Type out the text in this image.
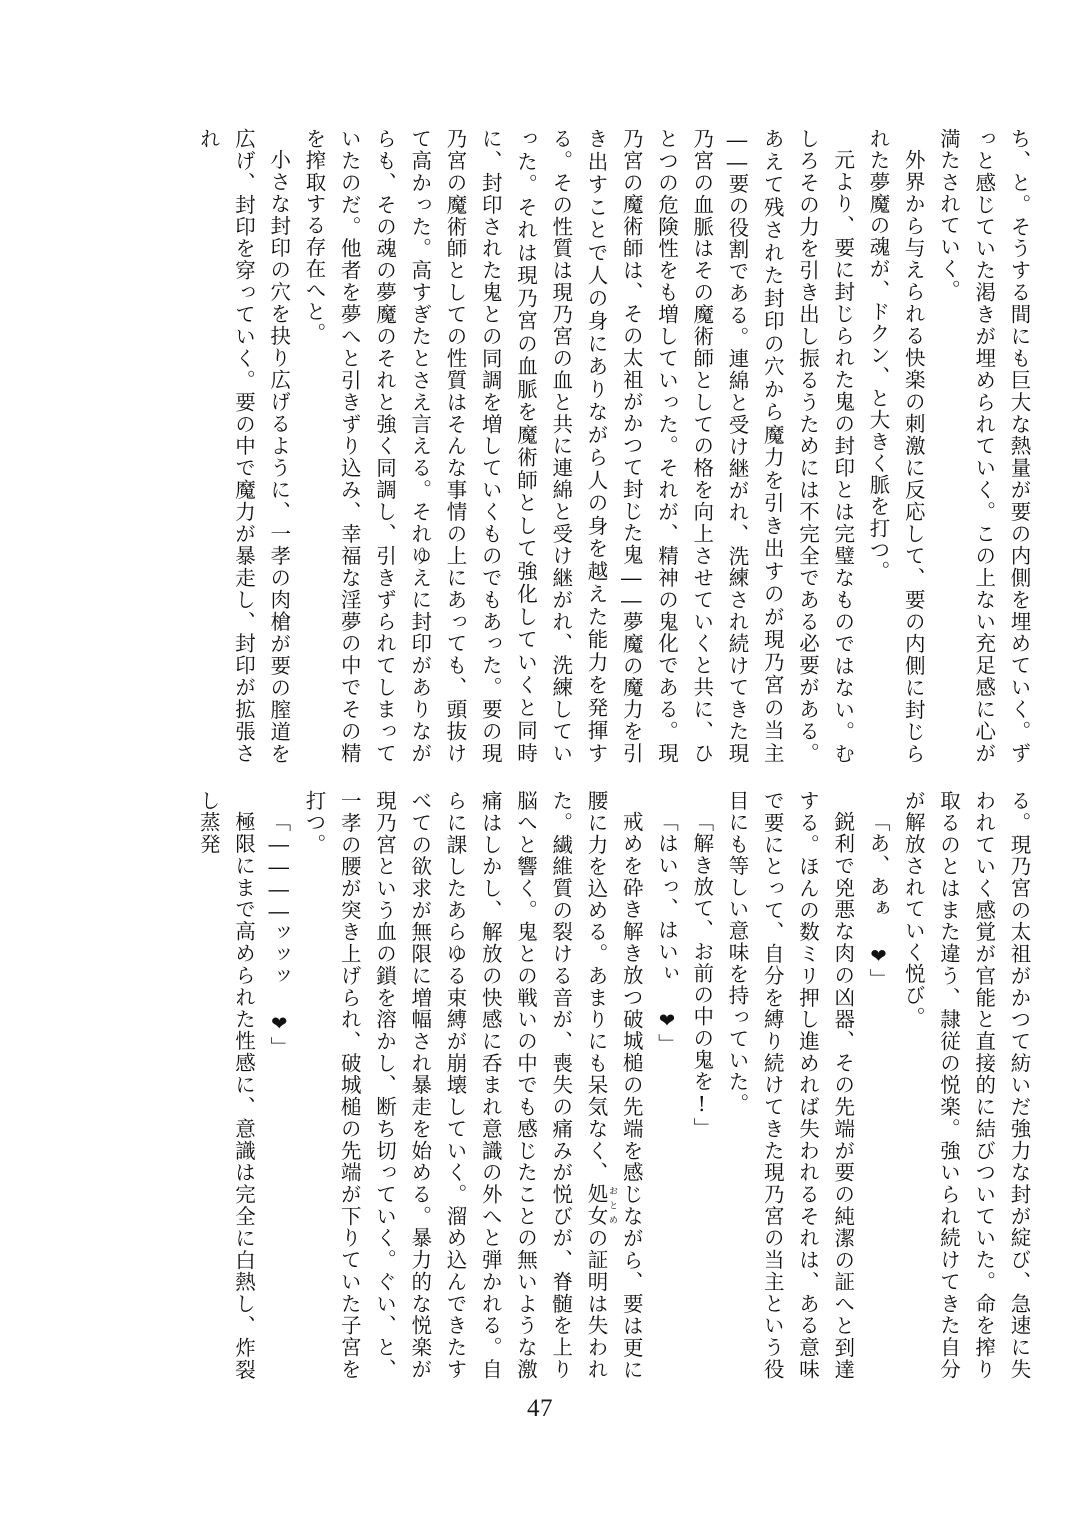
ち、と。そうする間にも巨大な熱量が要の内側を埋めていく。ずっと感じていた渇きが埋められていく。この上ない充足感に心が満たされていく。

外界から与えられる快楽の刺激に反応して、要の内側に封じられた夢魔の魂が、ドクン、と大きく脈を打つ。

元より、要に封じられた鬼の封印とは完璧なものではない。むしろその力を引き出し振るうためには不完全である必要がある。あえて残された封印の穴から魔力を引き出すのが現乃宮の当主――要の役割である。連綿と受け継がれ、洗練され続けてきた現乃宮の血脈はその魔術師としての格を向上させていくと共に、ひとつの危険性をも増していった。それが、精神の鬼化である。現乃宮の魔術師は、その太祖がかつて封じた鬼――夢魔の魔力を引き出すことで人の身にありながら人の身を越えた能力を発揮する。その性質は現乃宮の血と共に連綿と受け継がれ、洗練していった。それは現乃宮の血脈を魔術師として強化していくと同時に、封印された鬼との同調を増していくものでもあった。要の現乃宮の魔術師としての性質はそんな事情の上にあっても、頭抜けて高かった。高すぎたとさえ言える。それゆえに封印がありながらも、その魂の夢魔のそれと強く同調し、引きずられてしまっていたのだ。他者を夢へと引きずり込み、幸福な淫夢の中でその精を搾取する存在へと。

小さな封印の穴を抉り広げるように、一孝の肉槍が要の膣道を広げ、封印を穿っていく。要の中で魔力が暴走し、封印が拡張され

る。現乃宮の太祖がかつて紡いだ強力な封が綻び、急速に失われていく感覚が官能と直接的に結びついていた。命を搾り取るのとはまた違う、隷従の悦楽。強いられ続けてきた自分が解放されていく悦び。

「あ、あぁ ❤」

鋭利で兇悪な肉の凶器、その先端が要の純潔の証へと到達する。ほんの数ミリ押し進めれば失われるそれは、ある意味で要にとって、自分を縛り続けてきた現乃宮の当主という役目にも等しい意味を持っていた。

「解き放て、お前の中の鬼を!」

「はいっ、はいぃ ❤」

戒めを砕き解き放つ破城槌の先端を感じながら、要は更に腰に力を込める。あまりにも呆気なく、処女 おとめの証明は失われた。繊維質の裂ける音が、喪失の痛みが悦びが、脊髄を上り脳へと響く。鬼との戦いの中でも感じたことの無いような激痛はしかし、解放の快感に呑まれ意識の外へと弾かれる。自らに課したあらゆる束縛が崩壊していく。溜め込んできたすべての欲求が無限に増幅され暴走を始める。暴力的な悦楽が現乃宮という血の鎖を溶かし、断ち切っていく。ぐい、と、一孝の腰が突き上げられ、破城槌の先端が下りていた子宮を打つ。

「――――ッッッ ❤」

極限にまで高められた性感に、意識は完全に白熱し、炸裂し蒸発

47
